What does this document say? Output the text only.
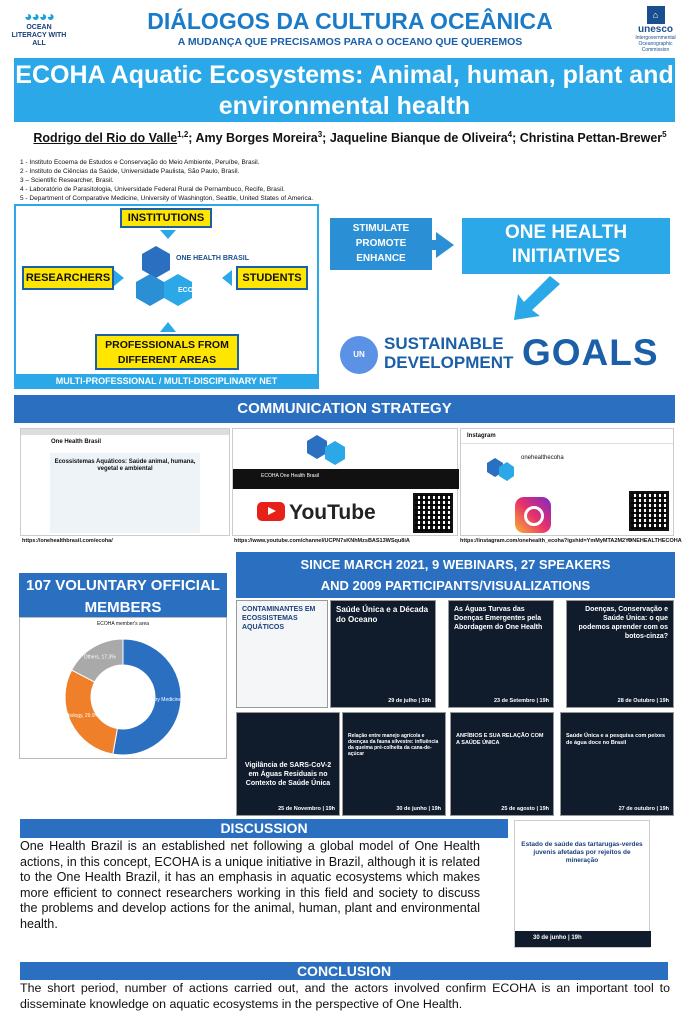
◕◕◕◕
OCEAN LITERACY WITH ALL
DIÁLOGOS DA CULTURA OCEÂNICA
A MUDANÇA QUE PRECISAMOS PARA O OCEANO QUE QUEREMOS
⌂
unesco
Intergovernmental Oceanographic Commission
ECOHA Aquatic Ecosystems: Animal, human, plant and environmental health
Rodrigo del Rio do Valle$^{1,2}$; Amy Borges Moreira$^3$; Jaqueline Bianque de Oliveira$^4$; Christina Pettan-Brewer$^5$
1 - Instituto Ecoema de Estudos e Conservação do Meio Ambiente, Peruíbe, Brasil.
2 - Instituto de Ciências da Saúde, Universidade Paulista, São Paulo, Brasil.
3 – Scientific Researcher, Brasil.
4 - Laboratório de Parasitologia, Universidade Federal Rural de Pernambuco, Recife, Brasil.
5 - Department of Comparative Medicine, University of Washington, Seattle, United States of America.
INSTITUTIONS
RESEARCHERS	STUDENTS
PROFESSIONALS FROM DIFFERENT AREAS
ONE HEALTH BRASIL
ECOHA
MULTI-PROFESSIONAL / MULTI-DISCIPLINARY NET
STIMULATE
PROMOTE
ENHANCE
ONE HEALTH INITIATIVES
UN
SUSTAINABLE
DEVELOPMENT GOALS
COMMUNICATION STRATEGY
One Health Brasil
Ecossistemas Aquáticos: Saúde animal, humana, vegetal e ambiental
https://onehealthbrasil.com/ecoha/
ECOHA One Health Brasil
YouTube
https://www.youtube.com/channel/UCPN7sKNhMzsBAS13WSqu8iA
Instagram
onehealthecoha
https://instagram.com/onehealth_ecoha?igshid=YmMyMTA2M2Y=
ONEHEALTHECOHA
107 VOLUNTARY OFFICIAL MEMBERS
ECOHA member's area
Veterinary Medicine, 52.8%
Biology, 29.9%
Others, 17.3%
SINCE MARCH 2021, 9 WEBINARS, 27 SPEAKERS
AND 2009 PARTICIPANTS/VISUALIZATIONS
CONTAMINANTES EM ECOSSISTEMAS AQUÁTICOS
Saúde Única e a Década do Oceano
29 de julho | 19h
As Águas Turvas das Doenças Emergentes pela Abordagem do One Health
23 de Setembro | 19h
Doenças, Conservação e Saúde Única: o que podemos aprender com os botos-cinza?
28 de Outubro | 19h
Vigilância de SARS-CoV-2 em Águas Residuais no Contexto de Saúde Única
25 de Novembro | 19h
Relação entre manejo agrícola e doenças da fauna silvestre: influência da queima pré-colheita da cana-de-açúcar
30 de junho | 19h
ANFÍBIOS E SUA RELAÇÃO COM A SAÚDE ÚNICA
25 de agosto | 19h
Saúde Única e a pesquisa com peixes de água doce no Brasil
27 de outubro | 19h
DISCUSSION
One Health Brazil is an established net following a global model of One Health actions, in this concept, ECOHA is a unique initiative in Brazil, although it is related to the One Health Brazil, it has an emphasis in aquatic ecosystems which makes more efficient to connect researchers working in this field and society to discuss the problems and develop actions for the animal, human, plant and environmental health.
Estado de saúde das tartarugas-verdes juvenis afetadas por rejeitos de mineração
30 de junho | 19h
CONCLUSION
The short period, number of actions carried out, and the actors involved confirm ECOHA is an important tool to disseminate knowledge on aquatic ecosystems in the perspective of One Health.
